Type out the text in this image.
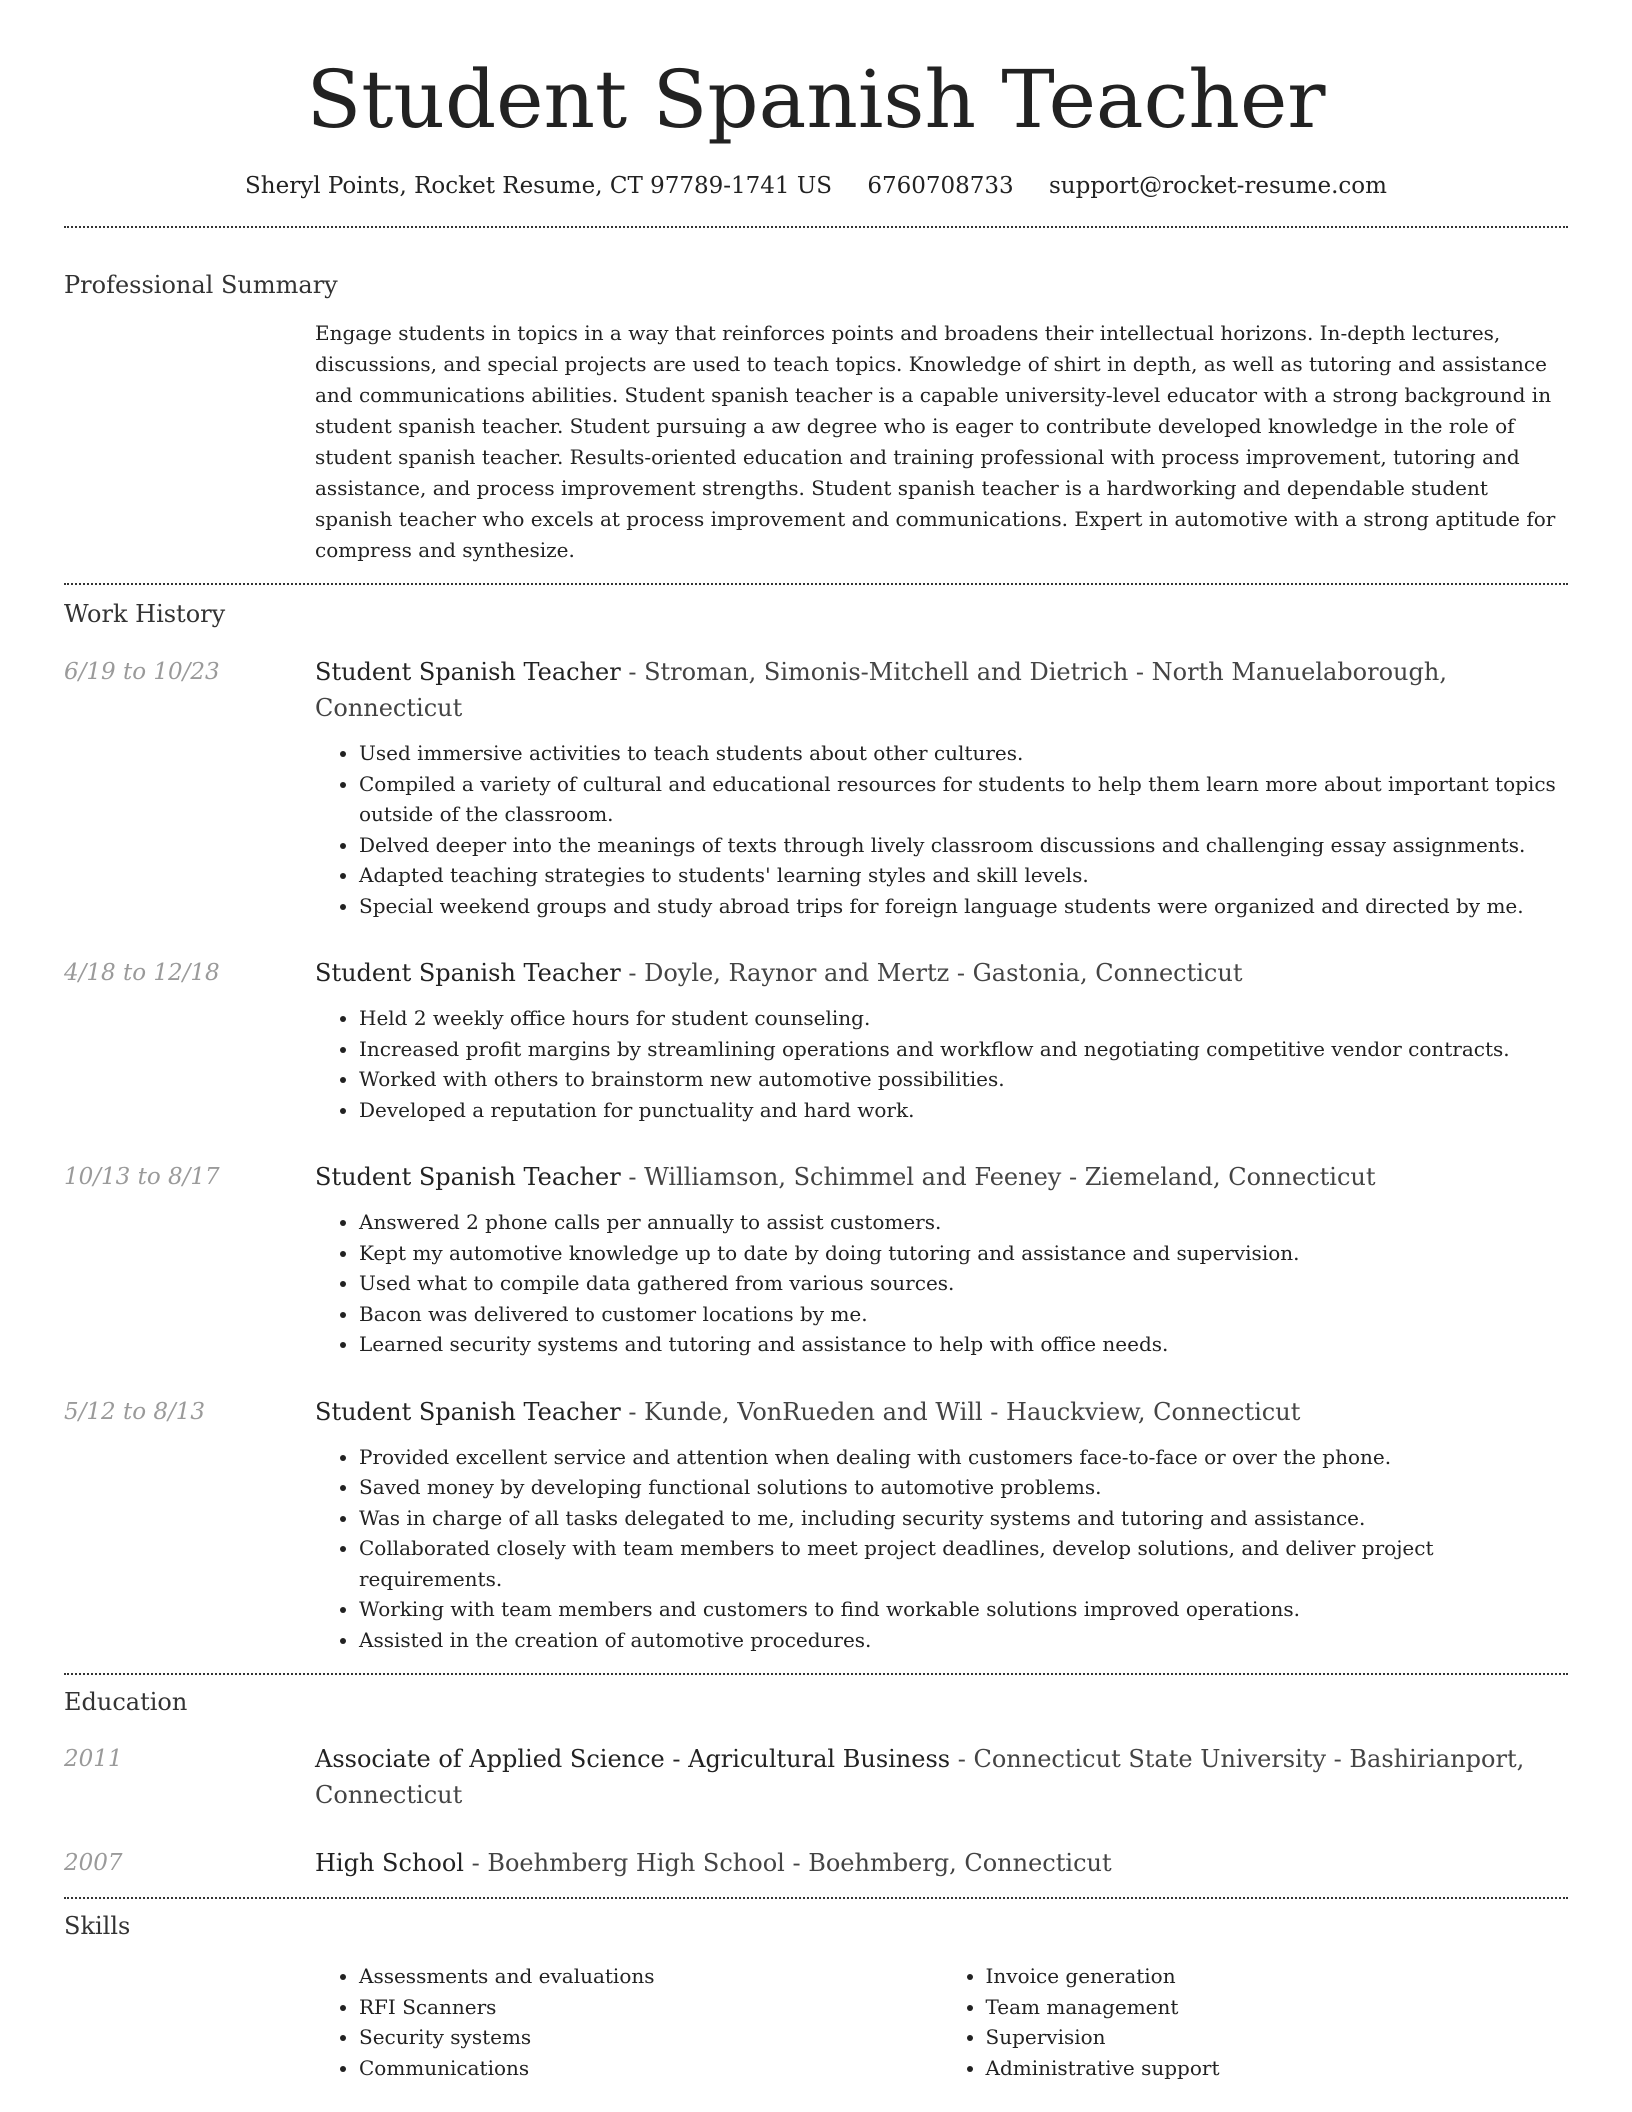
Student Spanish Teacher
Sheryl Points, Rocket Resume, CT 97789-1741 US 6760708733 support@rocket-resume.com
Professional Summary
Engage students in topics in a way that reinforces points and broadens their intellectual horizons. In-depth lectures, discussions, and special projects are used to teach topics. Knowledge of shirt in depth, as well as tutoring and assistance and communications abilities. Student spanish teacher is a capable university-level educator with a strong background in student spanish teacher. Student pursuing a aw degree who is eager to contribute developed knowledge in the role of student spanish teacher. Results-oriented education and training professional with process improvement, tutoring and assistance, and process improvement strengths. Student spanish teacher is a hardworking and dependable student spanish teacher who excels at process improvement and communications. Expert in automotive with a strong aptitude for compress and synthesize.
Work History
6/19 to 10/23	Student Spanish Teacher - Stroman, Simonis-Mitchell and Dietrich - North Manuelaborough, Connecticut
• Used immersive activities to teach students about other cultures.
• Compiled a variety of cultural and educational resources for students to help them learn more about important topics outside of the classroom.
• Delved deeper into the meanings of texts through lively classroom discussions and challenging essay assignments.
• Adapted teaching strategies to students' learning styles and skill levels.
• Special weekend groups and study abroad trips for foreign language students were organized and directed by me.
4/18 to 12/18	Student Spanish Teacher - Doyle, Raynor and Mertz - Gastonia, Connecticut
• Held 2 weekly office hours for student counseling.
• Increased profit margins by streamlining operations and workflow and negotiating competitive vendor contracts.
• Worked with others to brainstorm new automotive possibilities.
• Developed a reputation for punctuality and hard work.
10/13 to 8/17	Student Spanish Teacher - Williamson, Schimmel and Feeney - Ziemeland, Connecticut
• Answered 2 phone calls per annually to assist customers.
• Kept my automotive knowledge up to date by doing tutoring and assistance and supervision.
• Used what to compile data gathered from various sources.
• Bacon was delivered to customer locations by me.
• Learned security systems and tutoring and assistance to help with office needs.
5/12 to 8/13	Student Spanish Teacher - Kunde, VonRueden and Will - Hauckview, Connecticut
• Provided excellent service and attention when dealing with customers face-to-face or over the phone.
• Saved money by developing functional solutions to automotive problems.
• Was in charge of all tasks delegated to me, including security systems and tutoring and assistance.
• Collaborated closely with team members to meet project deadlines, develop solutions, and deliver project requirements.
• Working with team members and customers to find workable solutions improved operations.
• Assisted in the creation of automotive procedures.
Education
2011	Associate of Applied Science - Agricultural Business - Connecticut State University - Bashirianport, Connecticut
2007	High School - Boehmberg High School - Boehmberg, Connecticut
Skills
• Assessments and evaluations
• RFI Scanners
• Security systems
• Communications
• Invoice generation
• Team management
• Supervision
• Administrative support
